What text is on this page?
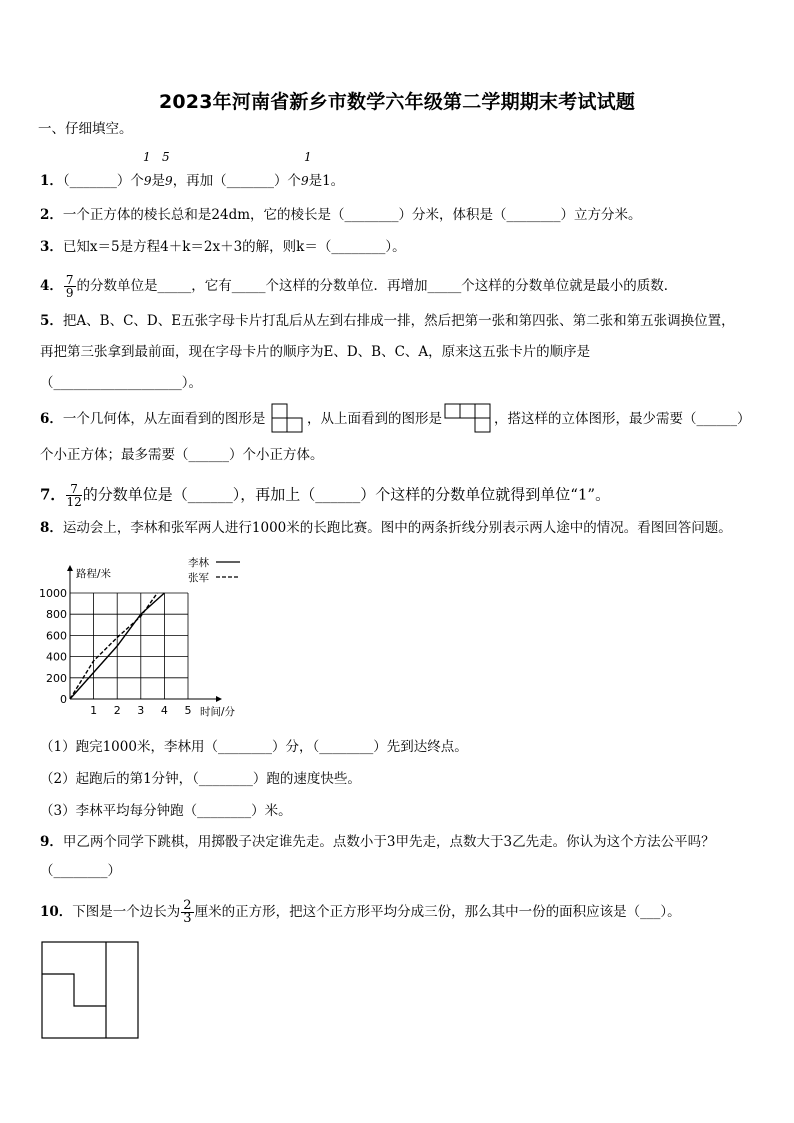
2023年河南省新乡市数学六年级第二学期期末考试试题
一、仔细填空。
1．（_______）个9是9，再加（_______）个9是1。
1 5	1
2．一个正方体的棱长总和是24dm，它的棱长是（________）分米，体积是（________）立方分米。
3．已知x＝5是方程4＋k＝2x＋3的解，则k＝（________）。
4． $\frac{7}{9}$ 的分数单位是_____，它有_____个这样的分数单位．再增加_____个这样的分数单位就是最小的质数．
5．把A、B、C、D、E五张字母卡片打乱后从左到右排成一排，然后把第一张和第四张、第二张和第五张调换位置，
再把第三张拿到最前面，现在字母卡片的顺序为E、D、B、C、A，原来这五张卡片的顺序是
（___________________）。
6．一个几何体，从左面看到的图形是	，从上面看到的图形是	，搭这样的立体图形，最少需要（______）
个小正方体；最多需要（______）个小正方体。
7． $\frac{7}{12}$ 的分数单位是（______），再加上（______）个这样的分数单位就得到单位“1”。
8．运动会上，李林和张军两人进行1000米的长跑比赛。图中的两条折线分别表示两人途中的情况。看图回答问题。
1 2 3 4 5
0
200
400
600
800
1000
路程/米
时间/分
李林
张军
（1）跑完1000米，李林用（________）分，（________）先到达终点。
（2）起跑后的第1分钟，（________）跑的速度快些。
（3）李林平均每分钟跑（________）米。
9．甲乙两个同学下跳棋，用掷骰子决定谁先走。点数小于3甲先走，点数大于3乙先走。你认为这个方法公平吗？
（________）
10．下图是一个边长为 $\frac{2}{3}$ 厘米的正方形，把这个正方形平均分成三份，那么其中一份的面积应该是（___）。
